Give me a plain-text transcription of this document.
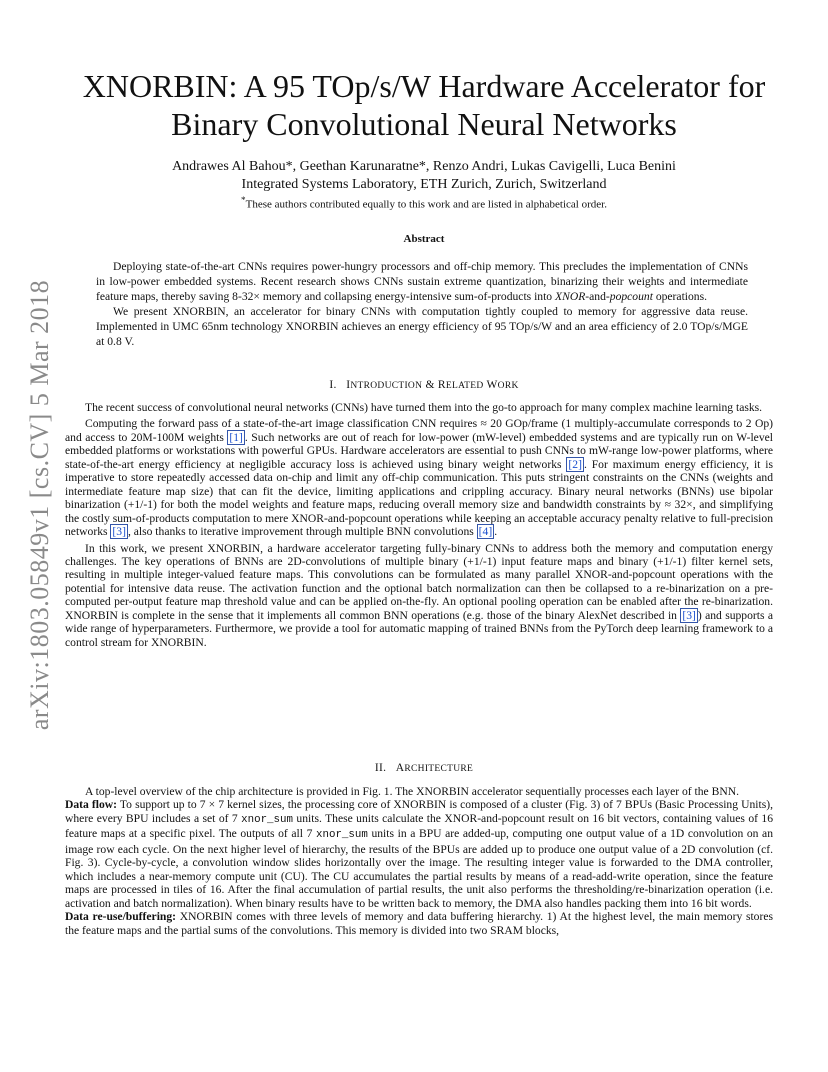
arXiv:1803.05849v1 [cs.CV] 5 Mar 2018
XNORBIN: A 95 TOp/s/W Hardware Accelerator for
Binary Convolutional Neural Networks
Andrawes Al Bahou*, Geethan Karunaratne*, Renzo Andri, Lukas Cavigelli, Luca Benini
Integrated Systems Laboratory, ETH Zurich, Zurich, Switzerland
*These authors contributed equally to this work and are listed in alphabetical order.
Abstract

Deploying state-of-the-art CNNs requires power-hungry processors and off-chip memory. This precludes the implementation of CNNs in low-power embedded systems. Recent research shows CNNs sustain extreme quantization, binarizing their weights and intermediate feature maps, thereby saving 8-32× memory and collapsing energy-intensive sum-of-products into XNOR-and-popcount operations.

We present XNORBIN, an accelerator for binary CNNs with computation tightly coupled to memory for aggressive data reuse. Implemented in UMC 65nm technology XNORBIN achieves an energy efficiency of 95 TOp/s/W and an area efficiency of 2.0 TOp/s/MGE at 0.8 V.

I. INTRODUCTION & RELATED WORK

The recent success of convolutional neural networks (CNNs) have turned them into the go-to approach for many complex machine learning tasks.

Computing the forward pass of a state-of-the-art image classification CNN requires ≈ 20 GOp/frame (1 multiply-accumulate corresponds to 2 Op) and access to 20M-100M weights [1] . Such networks are out of reach for low-power (mW-level) embedded systems and are typically run on W-level embedded platforms or workstations with powerful GPUs. Hardware accelerators are essential to push CNNs to mW-range low-power platforms, where state-of-the-art energy efficiency at negligible accuracy loss is achieved using binary weight networks [2] . For maximum energy efficiency, it is imperative to store repeatedly accessed data on-chip and limit any off-chip communication. This puts stringent constraints on the CNNs (weights and intermediate feature map size) that can fit the device, limiting applications and crippling accuracy. Binary neural networks (BNNs) use bipolar binarization (+1/-1) for both the model weights and feature maps, reducing overall memory size and bandwidth constraints by ≈ 32×, and simplifying the costly sum-of-products computation to mere XNOR-and-popcount operations while keeping an acceptable accuracy penalty relative to full-precision networks [3] , also thanks to iterative improvement through multiple BNN convolutions [4] .

In this work, we present XNORBIN, a hardware accelerator targeting fully-binary CNNs to address both the memory and computation energy challenges. The key operations of BNNs are 2D-convolutions of multiple binary (+1/-1) input feature maps and binary (+1/-1) filter kernel sets, resulting in multiple integer-valued feature maps. This convolutions can be formulated as many parallel XNOR-and-popcount operations with the potential for intensive data reuse. The activation function and the optional batch normalization can then be collapsed to a re-binarization on a pre-computed per-output feature map threshold value and can be applied on-the-fly. An optional pooling operation can be enabled after the re-binarization. XNORBIN is complete in the sense that it implements all common BNN operations (e.g. those of the binary AlexNet described in [3] ) and supports a wide range of hyperparameters. Furthermore, we provide a tool for automatic mapping of trained BNNs from the PyTorch deep learning framework to a control stream for XNORBIN.

II. ARCHITECTURE

A top-level overview of the chip architecture is provided in Fig. 1. The XNORBIN accelerator sequentially processes each layer of the BNN.

Data flow: To support up to 7 × 7 kernel sizes, the processing core of XNORBIN is composed of a cluster (Fig. 3) of 7 BPUs (Basic Processing Units), where every BPU includes a set of 7 xnor_sum units. These units calculate the XNOR-and-popcount result on 16 bit vectors, containing values of 16 feature maps at a specific pixel. The outputs of all 7 xnor_sum units in a BPU are added-up, computing one output value of a 1D convolution on an image row each cycle. On the next higher level of hierarchy, the results of the BPUs are added up to produce one output value of a 2D convolution (cf. Fig. 3). Cycle-by-cycle, a convolution window slides horizontally over the image. The resulting integer value is forwarded to the DMA controller, which includes a near-memory compute unit (CU). The CU accumulates the partial results by means of a read-add-write operation, since the feature maps are processed in tiles of 16. After the final accumulation of partial results, the unit also performs the thresholding/re-binarization operation (i.e. activation and batch normalization). When binary results have to be written back to memory, the DMA also handles packing them into 16 bit words.

Data re-use/buffering: XNORBIN comes with three levels of memory and data buffering hierarchy. 1) At the highest level, the main memory stores the feature maps and the partial sums of the convolutions. This memory is divided into two SRAM blocks,
